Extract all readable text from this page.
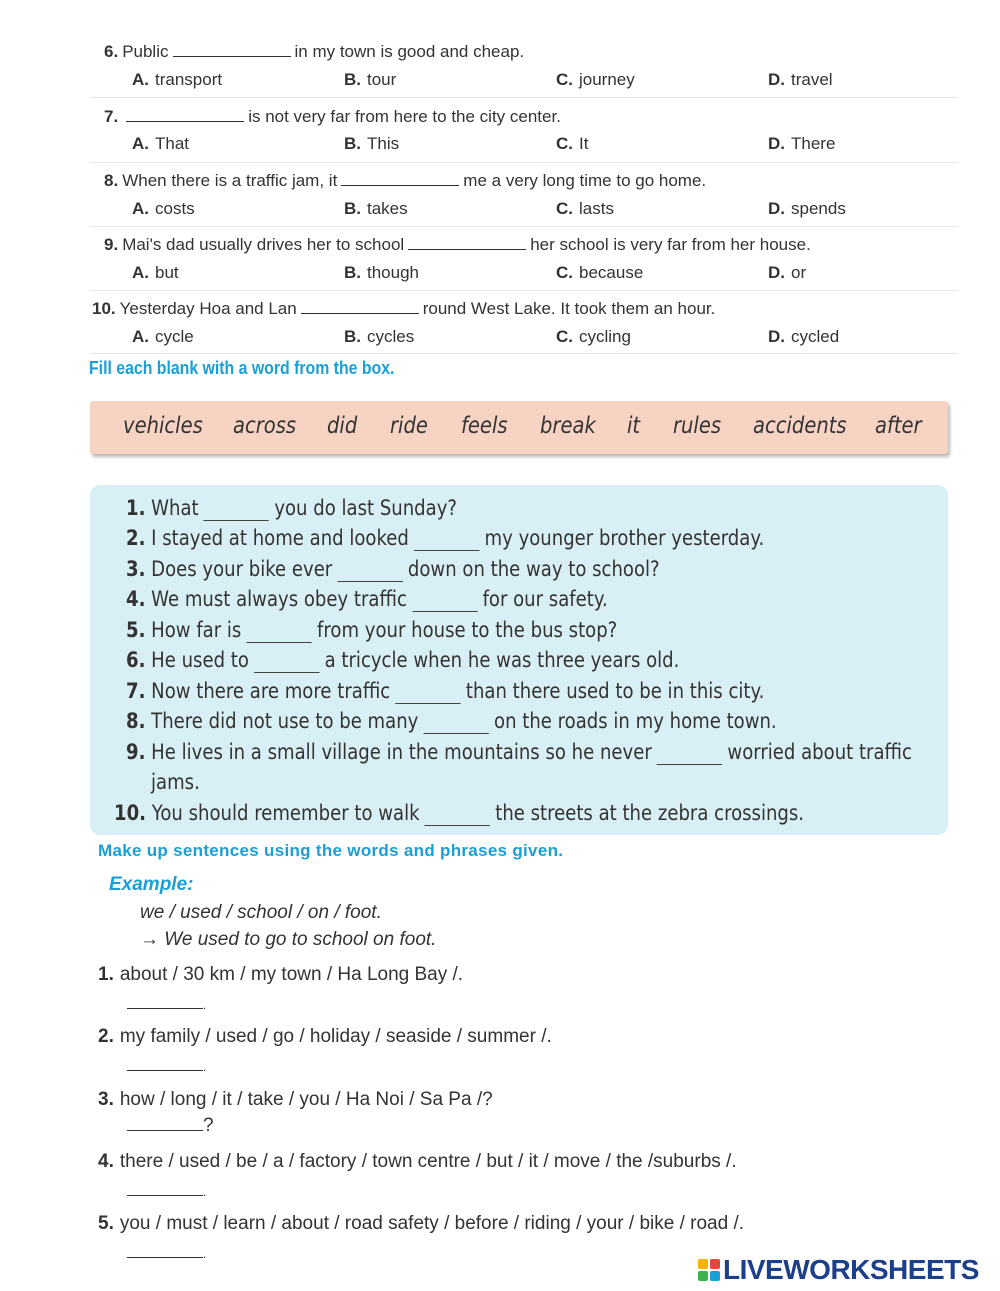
6. Public	in my town is good and cheap.
A. transport	B. tour	C. journey	D. travel
7.	is not very far from here to the city center.
A. That	B. This	C. It	D. There
8. When there is a traffic jam, it	me a very long time to go home.
A. costs	B. takes	C. lasts	D. spends
9. Mai's dad usually drives her to school	her school is very far from her house.
A. but	B. though	C. because	D. or
10. Yesterday Hoa and Lan	round West Lake. It took them an hour.
A. cycle	B. cycles	C. cycling	D. cycled
Fill each blank with a word from the box.
vehicles across did ride feels break it rules accidents after
1. What	you do last Sunday?
2. I stayed at home and looked	my younger brother yesterday.
3. Does your bike ever	down on the way to school?
4. We must always obey traffic	for our safety.
5. How far is	from your house to the bus stop?
6. He used to	a tricycle when he was three years old.
7. Now there are more traffic	than there used to be in this city.
8. There did not use to be many	on the roads in my home town.
9. He lives in a small village in the mountains so he never	worried about traffic
jams.
10. You should remember to walk	the streets at the zebra crossings.
Make up sentences using the words and phrases given.
Example:
we / used / school / on / foot.
→ We used to go to school on foot.
1. about / 30 km / my town / Ha Long Bay /.
.
2. my family / used / go / holiday / seaside / summer /.
.
3. how / long / it / take / you / Ha Noi / Sa Pa /?
?
4. there / used / be / a / factory / town centre / but / it / move / the /suburbs /.
.
5. you / must / learn / about / road safety / before / riding / your / bike / road /.
.	LIVEWORKSHEETS
